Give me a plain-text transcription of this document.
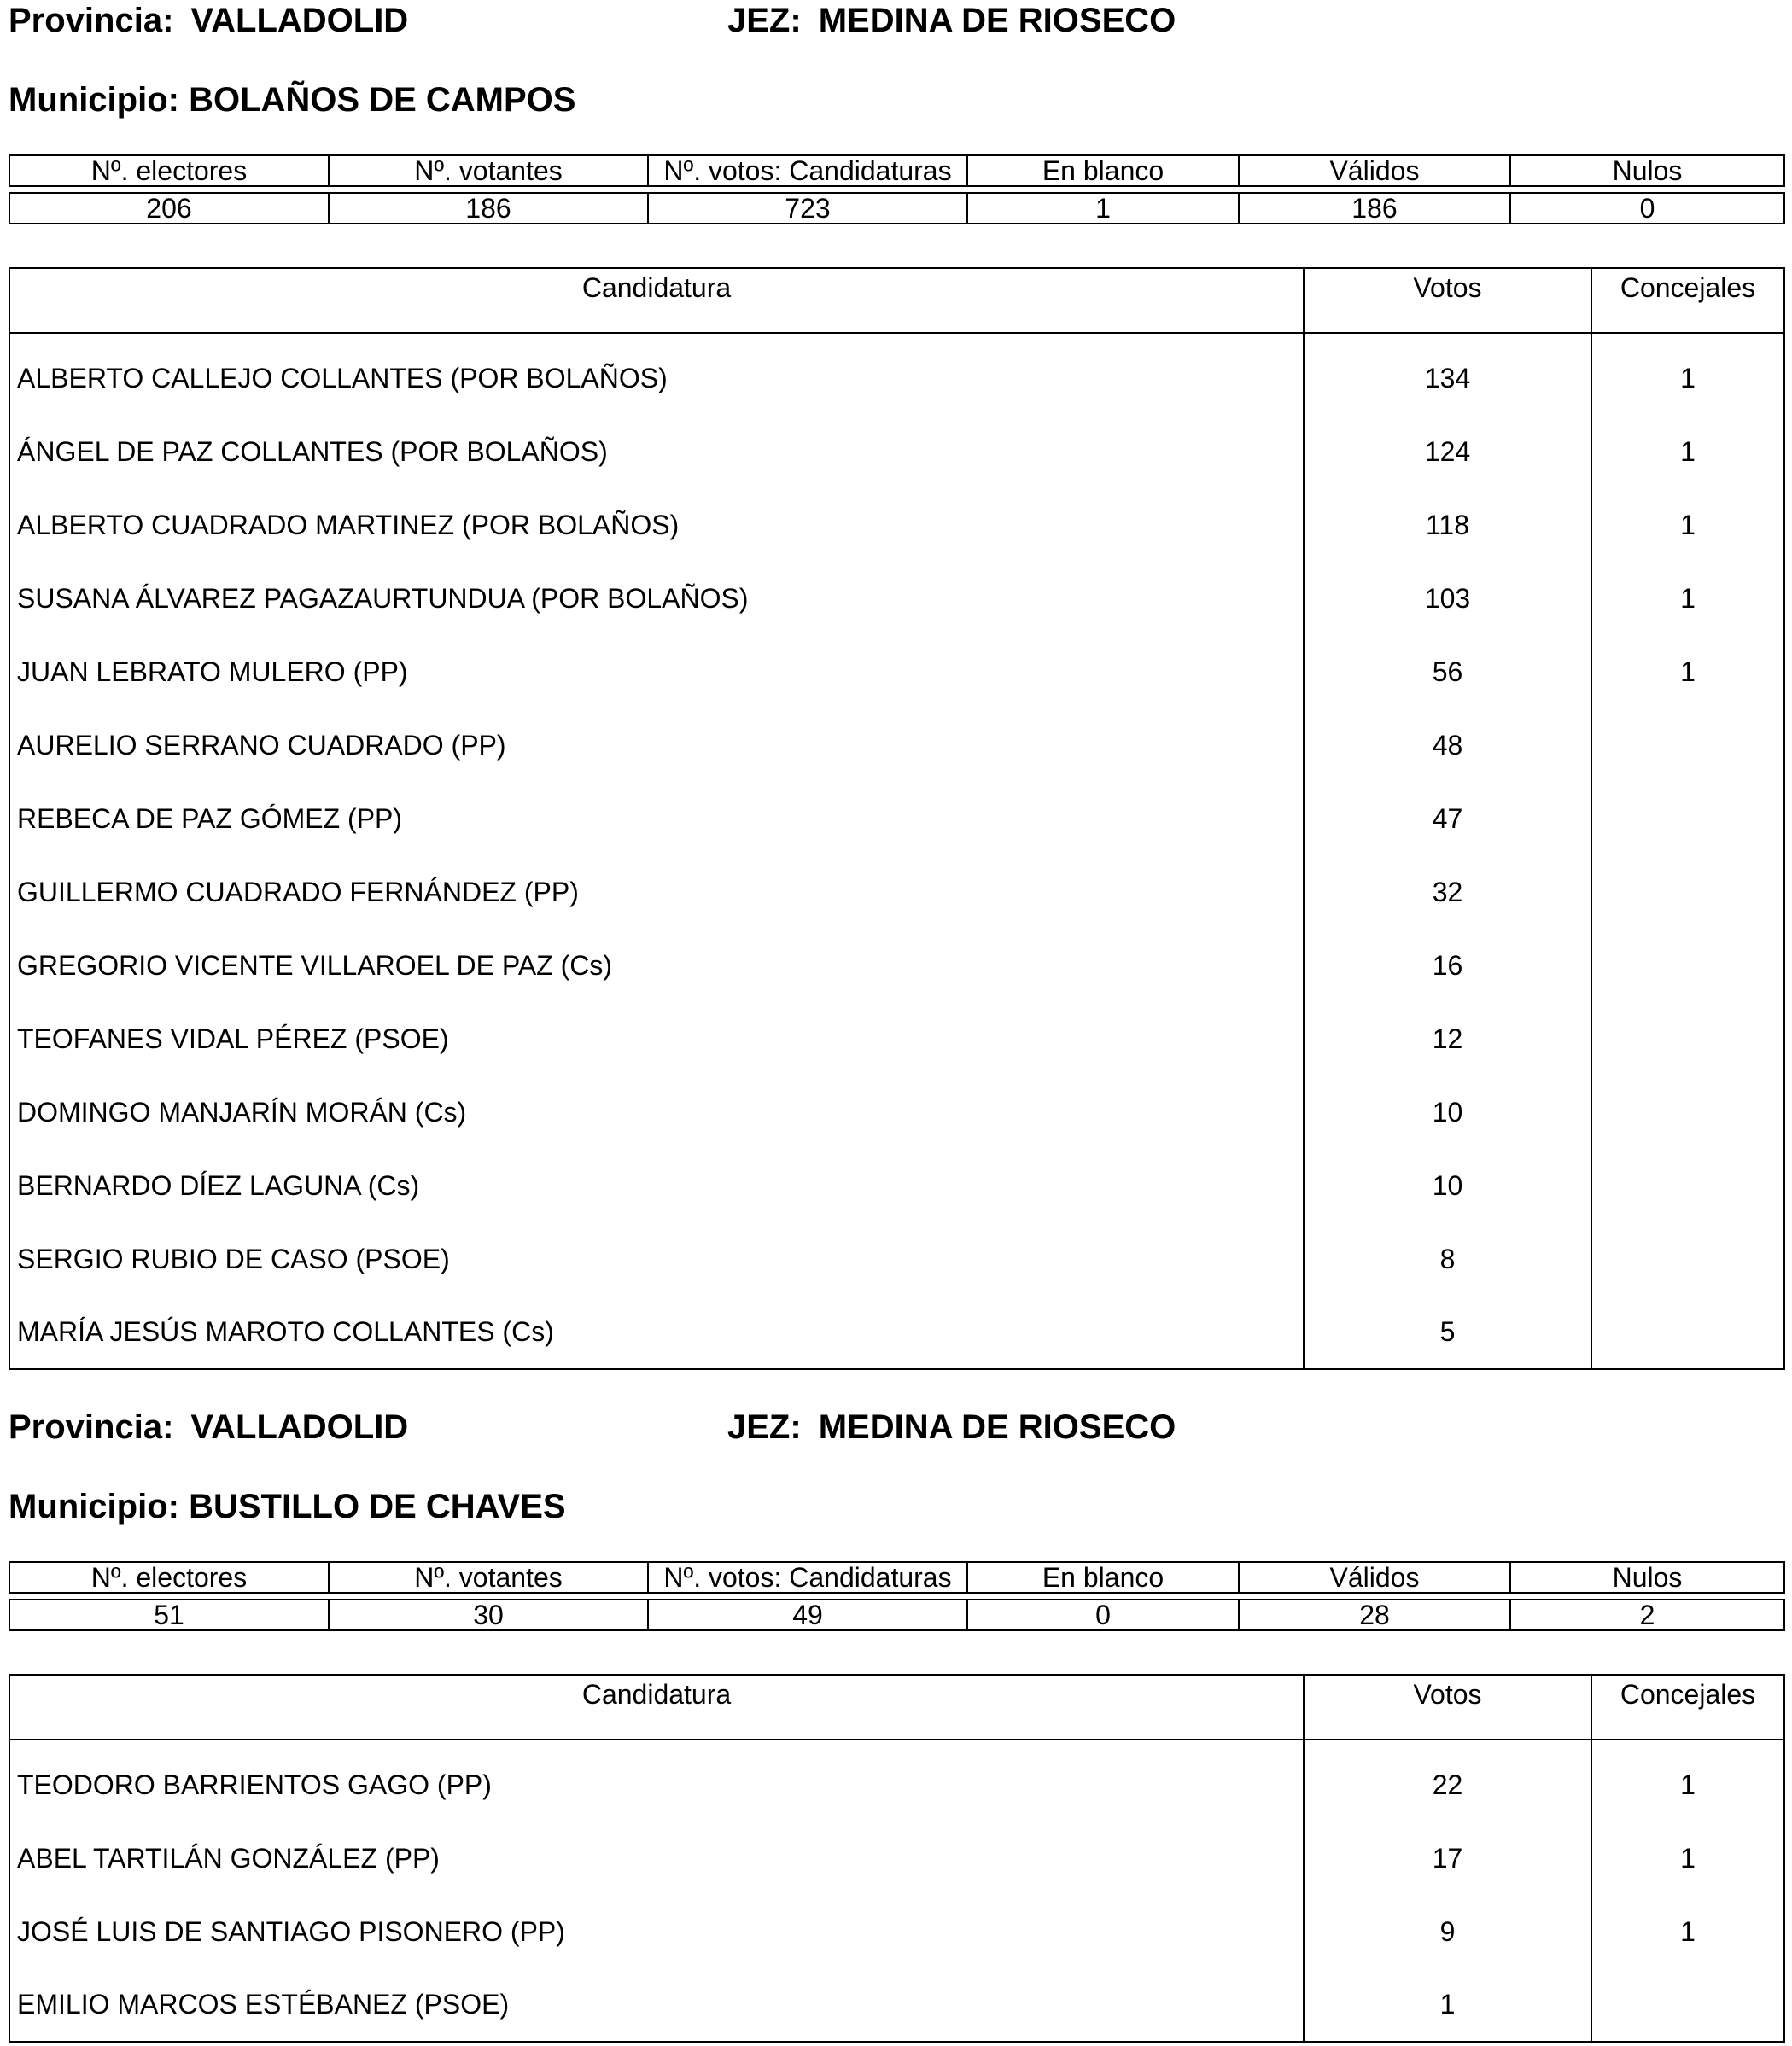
Provincia: VALLADOLID	JEZ: MEDINA DE RIOSECO
Municipio: BOLAÑOS DE CAMPOS
Nº. electores	Nº. votantes	Nº. votos: Candidaturas	En blanco	Válidos	Nulos

206	186	723	1	186	0
Candidatura	Votos	Concejales

ALBERTO CALLEJO COLLANTES (POR BOLAÑOS)	134	1
ÁNGEL DE PAZ COLLANTES (POR BOLAÑOS)	124	1
ALBERTO CUADRADO MARTINEZ (POR BOLAÑOS)	118	1
SUSANA ÁLVAREZ PAGAZAURTUNDUA (POR BOLAÑOS)	103	1
JUAN LEBRATO MULERO (PP)	56	1
AURELIO SERRANO CUADRADO (PP)	48	
REBECA DE PAZ GÓMEZ (PP)	47	
GUILLERMO CUADRADO FERNÁNDEZ (PP)	32	
GREGORIO VICENTE VILLAROEL DE PAZ (Cs)	16	
TEOFANES VIDAL PÉREZ (PSOE)	12	
DOMINGO MANJARÍN MORÁN (Cs)	10	
BERNARDO DÍEZ LAGUNA (Cs)	10	
SERGIO RUBIO DE CASO (PSOE)	8	
MARÍA JESÚS MAROTO COLLANTES (Cs)	5	
Provincia: VALLADOLID	JEZ: MEDINA DE RIOSECO
Municipio: BUSTILLO DE CHAVES
Nº. electores	Nº. votantes	Nº. votos: Candidaturas	En blanco	Válidos	Nulos

51	30	49	0	28	2
Candidatura	Votos	Concejales

TEODORO BARRIENTOS GAGO (PP)	22	1
ABEL TARTILÁN GONZÁLEZ (PP)	17	1
JOSÉ LUIS DE SANTIAGO PISONERO (PP)	9	1
EMILIO MARCOS ESTÉBANEZ (PSOE)	1	
